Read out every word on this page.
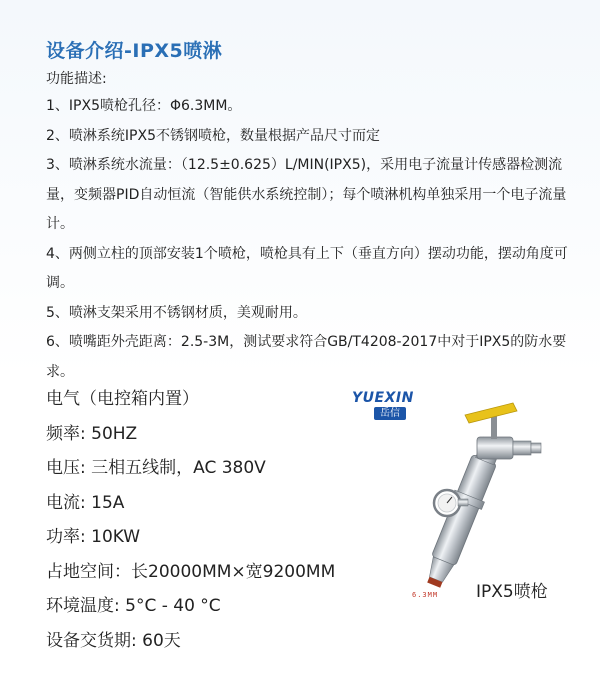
设备介绍-IPX5喷淋
功能描述:

1、IPX5喷枪孔径：Φ6.3MM。

2、喷淋系统IPX5不锈钢喷枪，数量根据产品尺寸而定

3、喷淋系统水流量：（12.5±0.625）L/MIN(IPX5)，采用电子流量计传感器检测流量，变频器PID自动恒流（智能供水系统控制）；每个喷淋机构单独采用一个电子流量计。

4、两侧立柱的顶部安装1个喷枪，喷枪具有上下（垂直方向）摆动功能，摆动角度可调。

5、喷淋支架采用不锈钢材质，美观耐用。

6、喷嘴距外壳距离：2.5-3M，测试要求符合GB/T4208-2017中对于IPX5的防水要求。

电气（电控箱内置）
频率: 50HZ
电压: 三相五线制，AC 380V
电流: 15A
功率: 10KW
占地空间：长20000MM×宽9200MM
环境温度: 5°C - 40 °C
设备交货期: 60天
YUEXIN
岳信
6.3MM IPX5喷枪
